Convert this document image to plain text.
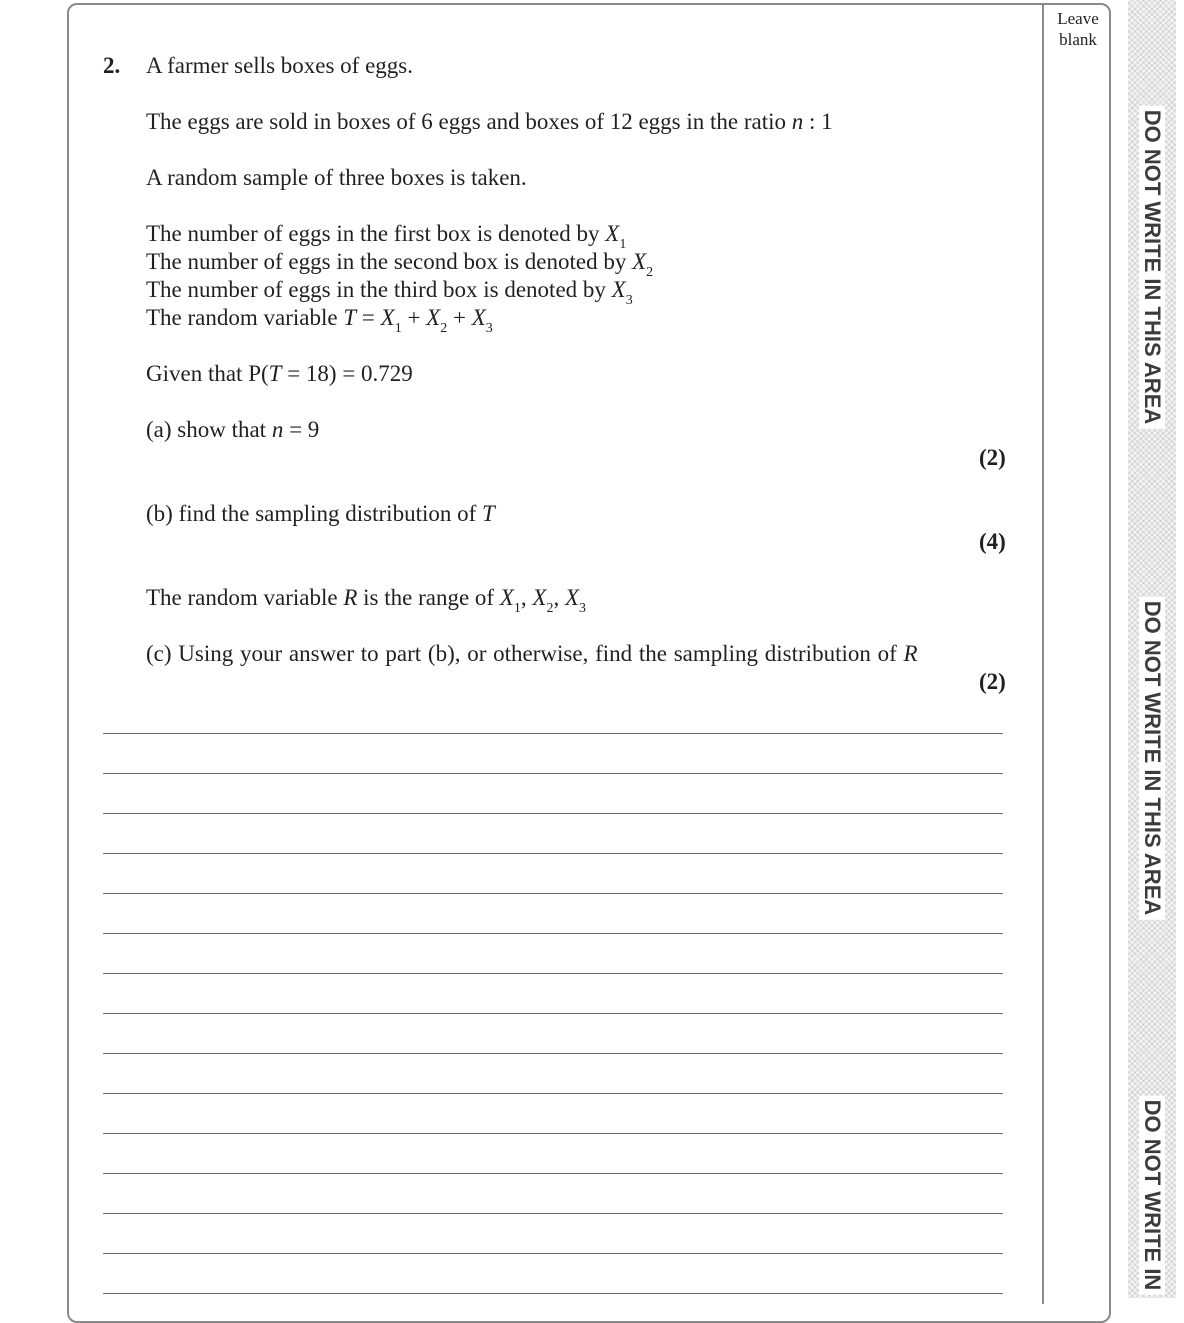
Leave blank
DO NOT WRITE IN THIS AREA
DO NOT WRITE IN THIS AREA
DO NOT WRITE IN
2. A farmer sells boxes of eggs.
The eggs are sold in boxes of 6 eggs and boxes of 12 eggs in the ratio n : 1
A random sample of three boxes is taken.
The number of eggs in the first box is denoted by $X_1$
The number of eggs in the second box is denoted by $X_2$
The number of eggs in the third box is denoted by $X_3$
The random variable $T = X_1 + X_2 + X_3$
Given that P(T = 18) = 0.729
(a) show that n = 9
(2)
(b) find the sampling distribution of T
(4)
The random variable R is the range of $X_1$, $X_2$, $X_3$
(c) Using your answer to part (b), or otherwise, find the sampling distribution of R
(2)
